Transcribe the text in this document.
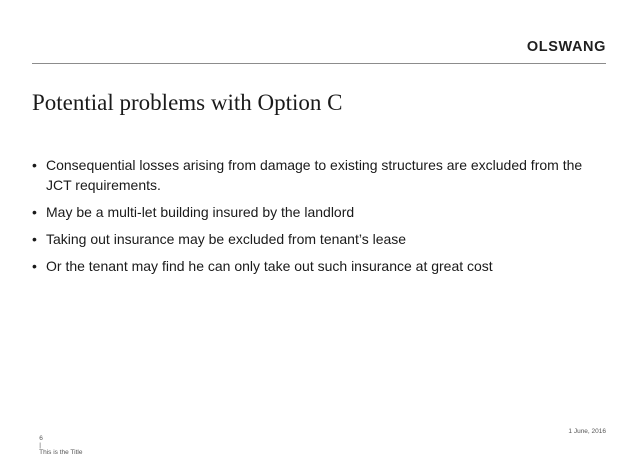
OLSWANG
Potential problems with Option C
• Consequential losses arising from damage to existing structures are excluded from the JCT requirements.
• May be a multi-let building insured by the landlord
• Taking out insurance may be excluded from tenant’s lease
• Or the tenant may find he can only take out such insurance at great cost

6
|
This is the Title

1 June, 2016
